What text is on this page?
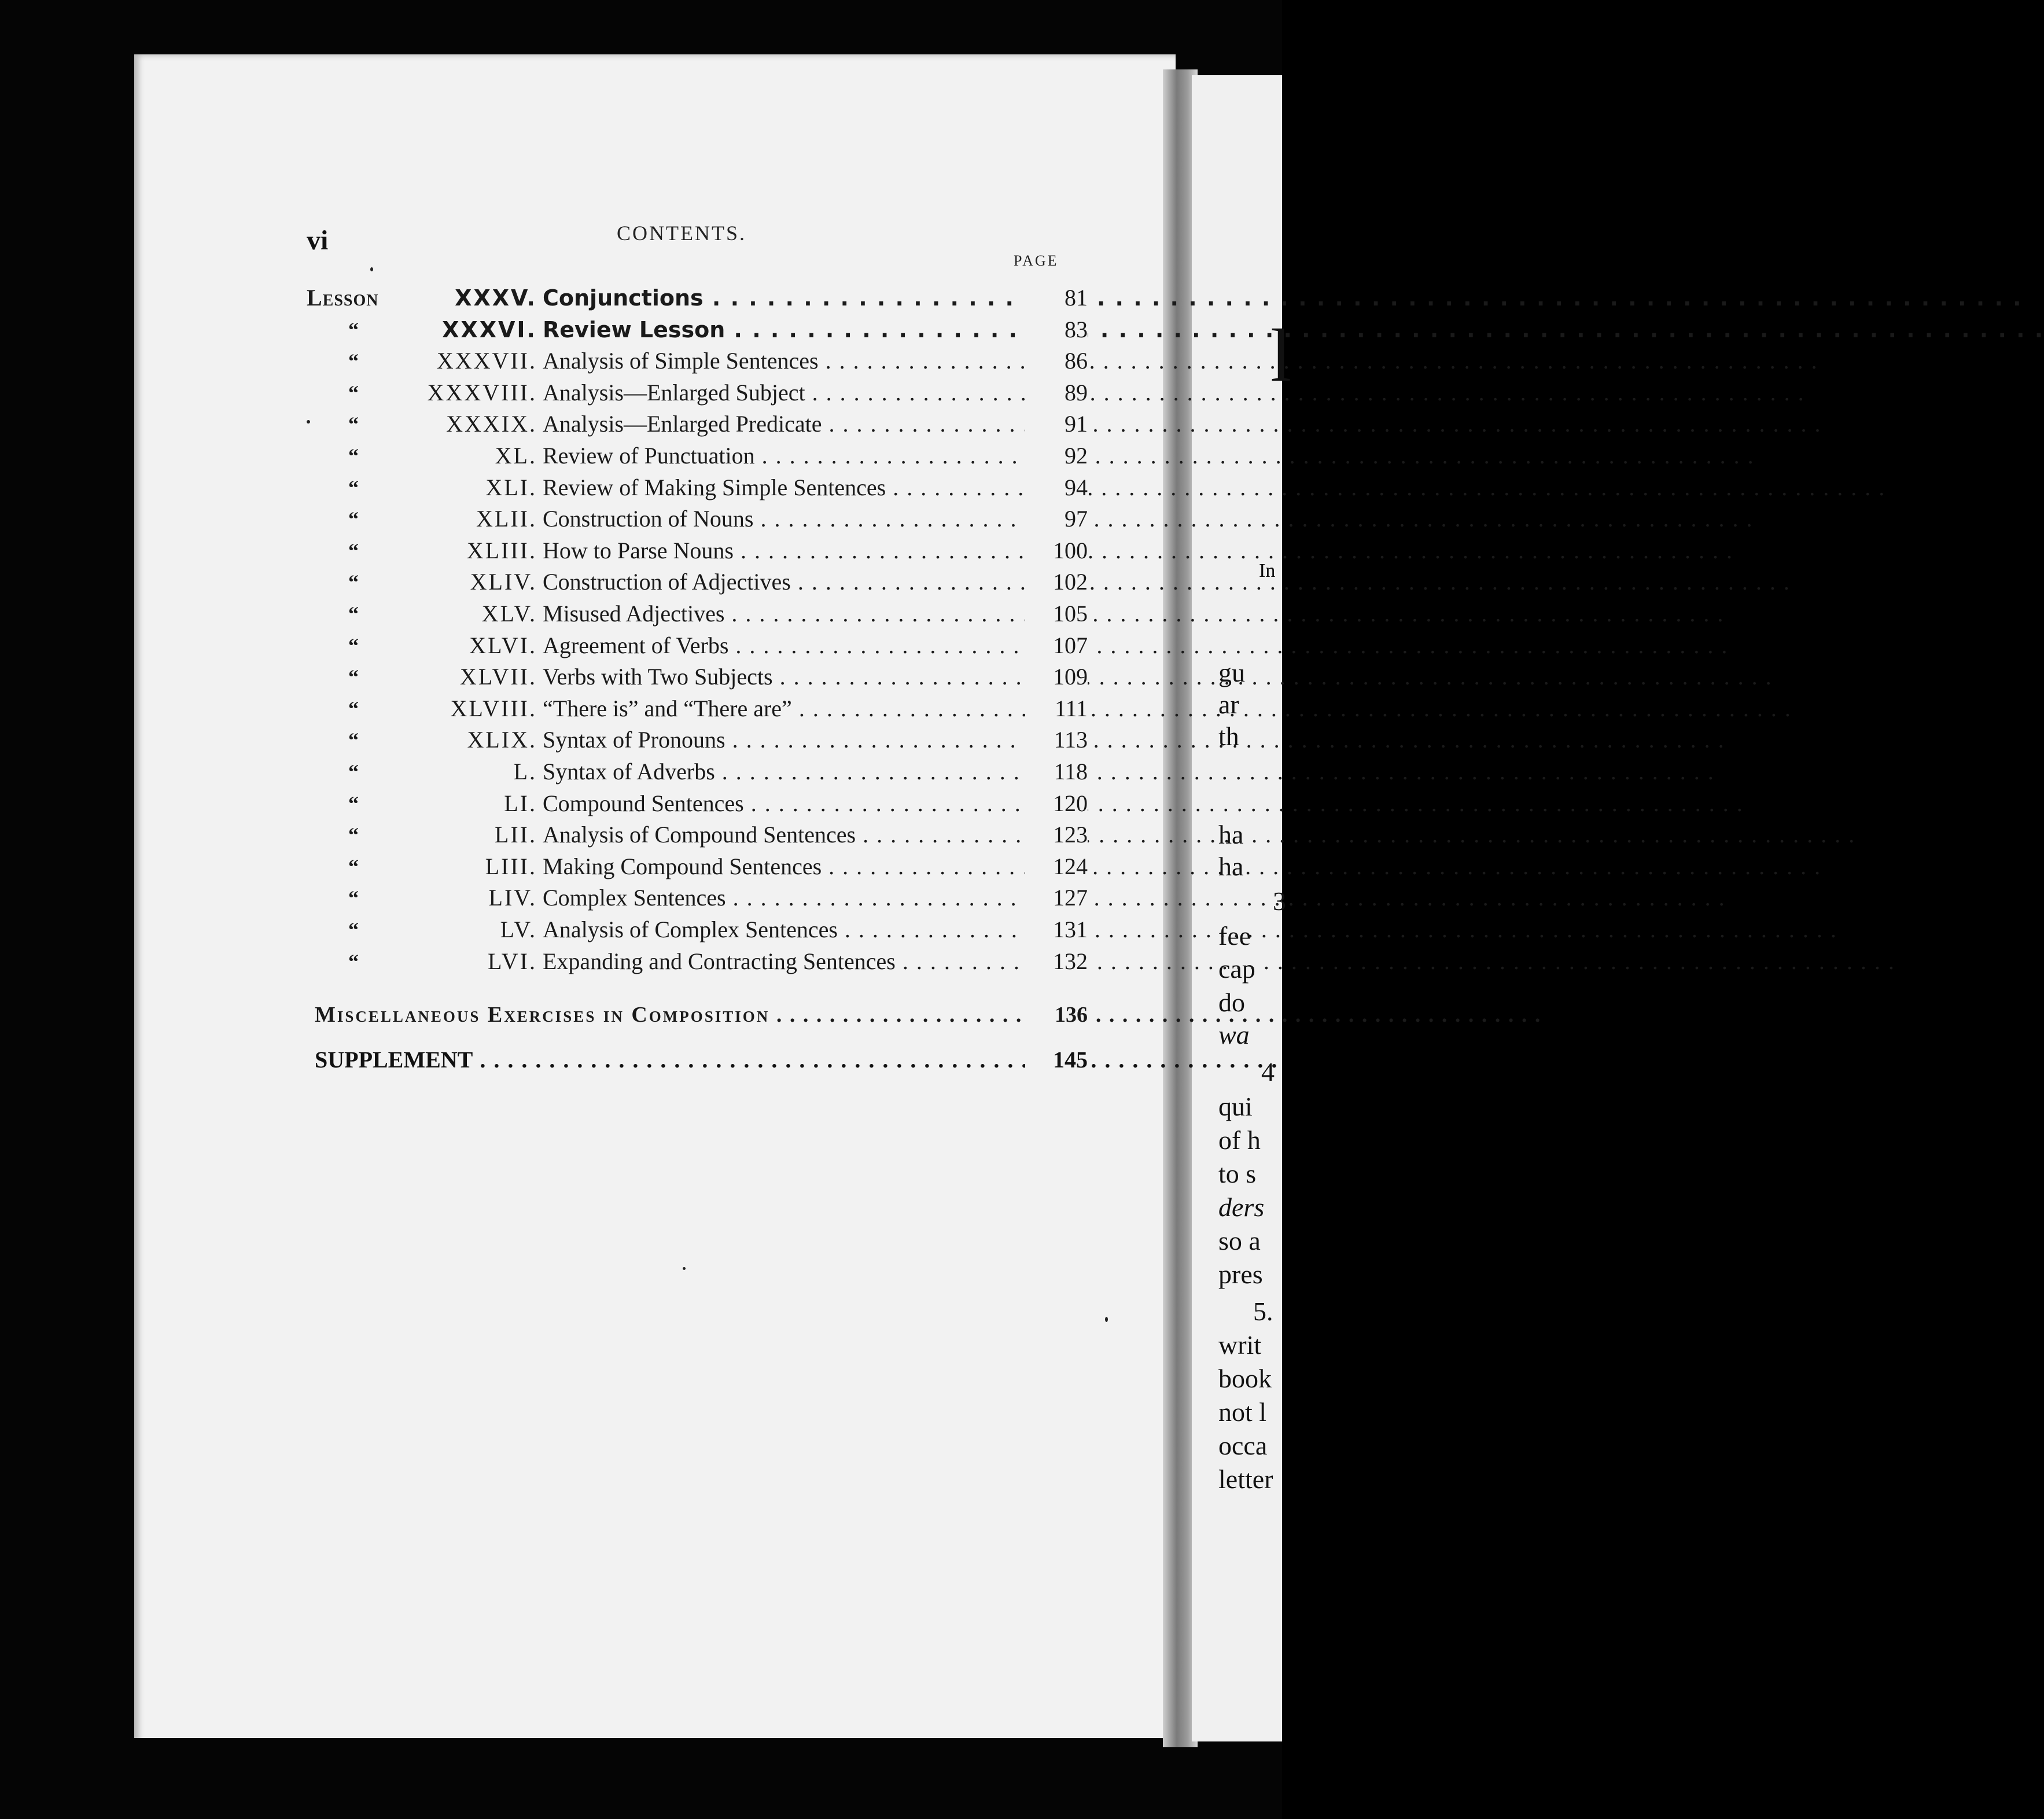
l
In
gu
ar
th
ha
ha
3
fee
cap
do
wa
4
qui
of h
to s
ders
so a
pres
5.
writ
book
not l
occa
letter
vi	CONTENTS.
PAGE
Lesson	XXXV. Conjunctions . . .	81
“	XXXVI. Review Lesson . . .	83
“	XXXVII. Analysis of Simple Sentences . . .	86
“	XXXVIII. Analysis—Enlarged Subject . . .	89
“	XXXIX. Analysis—Enlarged Predicate . . .	91
“	XL. Review of Punctuation . . .	92
“	XLI. Review of Making Simple Sentences . . .	94
“	XLII. Construction of Nouns . . .	97
“	XLIII. How to Parse Nouns . . .	100
“	XLIV. Construction of Adjectives . . .	102
“	XLV. Misused Adjectives . . .	105
“	XLVI. Agreement of Verbs . . .	107
“	XLVII. Verbs with Two Subjects . . .	109
“	XLVIII. “There is” and “There are” . . .	111
“	XLIX. Syntax of Pronouns . . .	113
“	L. Syntax of Adverbs . . .	118
“	LI. Compound Sentences . . .	120
“	LII. Analysis of Compound Sentences . . .	123
“	LIII. Making Compound Sentences . . .	124
“	LIV. Complex Sentences . . .	127
“	LV. Analysis of Complex Sentences . . .	131
“	LVI. Expanding and Contracting Sentences . . .	132
Miscellaneous Exercises in Composition . . .	136
SUPPLEMENT . . .	145
